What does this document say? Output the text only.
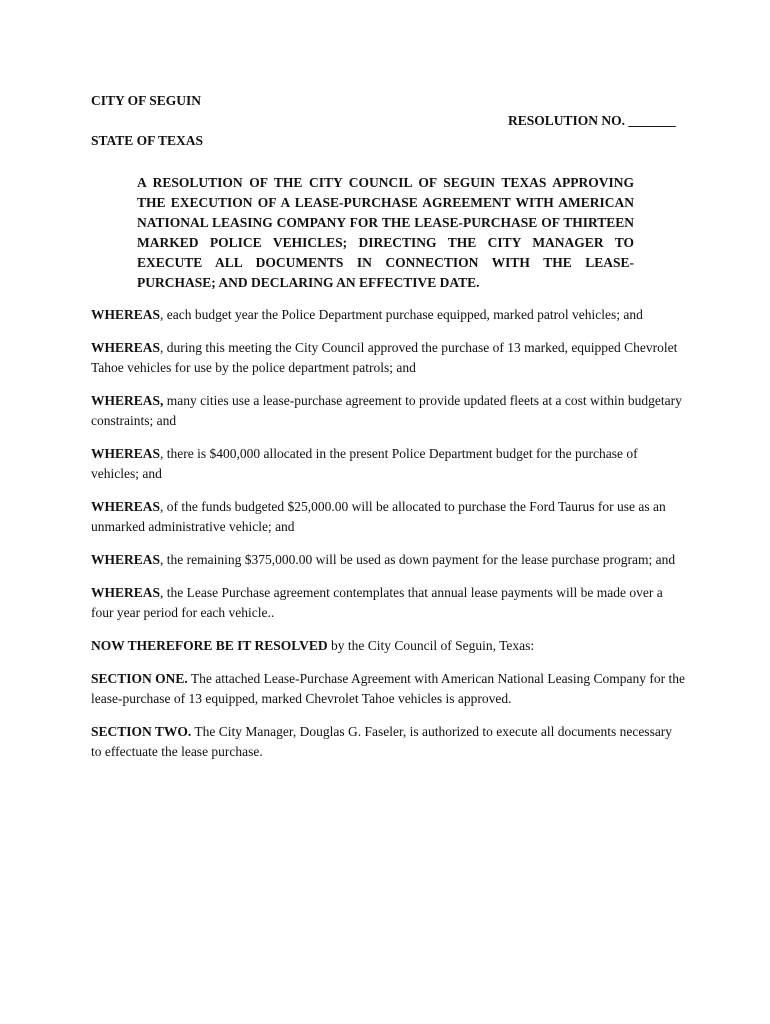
CITY OF SEGUIN

RESOLUTION NO. _______

STATE OF TEXAS

A RESOLUTION OF THE CITY COUNCIL OF SEGUIN TEXAS APPROVING THE EXECUTION OF A LEASE-PURCHASE AGREEMENT WITH AMERICAN NATIONAL LEASING COMPANY FOR THE LEASE-PURCHASE OF THIRTEEN MARKED POLICE VEHICLES; DIRECTING THE CITY MANAGER TO EXECUTE ALL DOCUMENTS IN CONNECTION WITH THE LEASE-PURCHASE; AND DECLARING AN EFFECTIVE DATE.

WHEREAS, each budget year the Police Department purchase equipped, marked patrol vehicles; and

WHEREAS, during this meeting the City Council approved the purchase of 13 marked, equipped Chevrolet Tahoe vehicles for use by the police department patrols; and

WHEREAS, many cities use a lease-purchase agreement to provide updated fleets at a cost within budgetary constraints; and

WHEREAS, there is $400,000 allocated in the present Police Department budget for the purchase of vehicles; and

WHEREAS, of the funds budgeted $25,000.00 will be allocated to purchase the Ford Taurus for use as an unmarked administrative vehicle; and

WHEREAS, the remaining $375,000.00 will be used as down payment for the lease purchase program; and

WHEREAS, the Lease Purchase agreement contemplates that annual lease payments will be made over a four year period for each vehicle..

NOW THEREFORE BE IT RESOLVED by the City Council of Seguin, Texas:

SECTION ONE. The attached Lease-Purchase Agreement with American National Leasing Company for the lease-purchase of 13 equipped, marked Chevrolet Tahoe vehicles is approved.

SECTION TWO. The City Manager, Douglas G. Faseler, is authorized to execute all documents necessary to effectuate the lease purchase.
